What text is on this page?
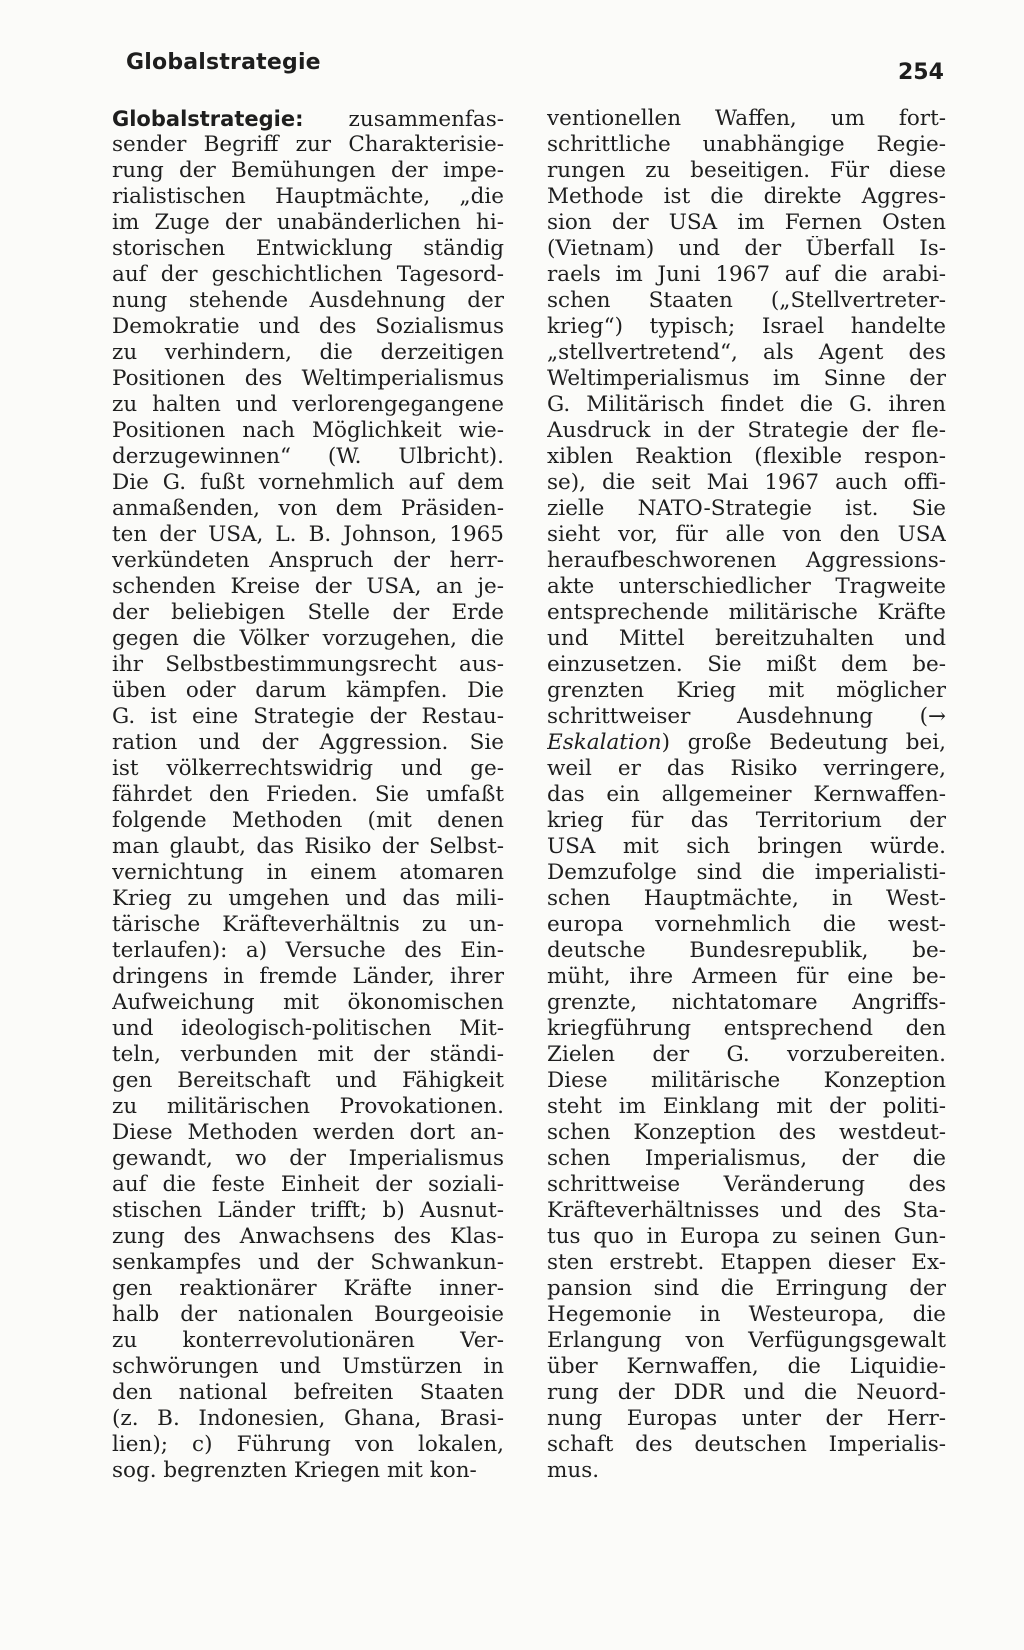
Globalstrategie	254
Globalstrategie: zusammenfas-
sender Begriff zur Charakterisie-
rung der Bemühungen der impe-
rialistischen Hauptmächte, „die
im Zuge der unabänderlichen hi-
storischen Entwicklung ständig
auf der geschichtlichen Tagesord-
nung stehende Ausdehnung der
Demokratie und des Sozialismus
zu verhindern, die derzeitigen
Positionen des Weltimperialismus
zu halten und verlorengegangene
Positionen nach Möglichkeit wie-
derzugewinnen“ (W. Ulbricht).
Die G. fußt vornehmlich auf dem
anmaßenden, von dem Präsiden-
ten der USA, L. B. Johnson, 1965
verkündeten Anspruch der herr-
schenden Kreise der USA, an je-
der beliebigen Stelle der Erde
gegen die Völker vorzugehen, die
ihr Selbstbestimmungsrecht aus-
üben oder darum kämpfen. Die
G. ist eine Strategie der Restau-
ration und der Aggression. Sie
ist völkerrechtswidrig und ge-
fährdet den Frieden. Sie umfaßt
folgende Methoden (mit denen
man glaubt, das Risiko der Selbst-
vernichtung in einem atomaren
Krieg zu umgehen und das mili-
tärische Kräfteverhältnis zu un-
terlaufen): a) Versuche des Ein-
dringens in fremde Länder, ihrer
Aufweichung mit ökonomischen
und ideologisch-politischen Mit-
teln, verbunden mit der ständi-
gen Bereitschaft und Fähigkeit
zu militärischen Provokationen.
Diese Methoden werden dort an-
gewandt, wo der Imperialismus
auf die feste Einheit der soziali-
stischen Länder trifft; b) Ausnut-
zung des Anwachsens des Klas-
senkampfes und der Schwankun-
gen reaktionärer Kräfte inner-
halb der nationalen Bourgeoisie
zu konterrevolutionären Ver-
schwörungen und Umstürzen in
den national befreiten Staaten
(z. B. Indonesien, Ghana, Brasi-
lien); c) Führung von lokalen,
sog. begrenzten Kriegen mit kon-
ventionellen Waffen, um fort-
schrittliche unabhängige Regie-
rungen zu beseitigen. Für diese
Methode ist die direkte Aggres-
sion der USA im Fernen Osten
(Vietnam) und der Überfall Is-
raels im Juni 1967 auf die arabi-
schen Staaten („Stellvertreter-
krieg“) typisch; Israel handelte
„stellvertretend“, als Agent des
Weltimperialismus im Sinne der
G. Militärisch findet die G. ihren
Ausdruck in der Strategie der fle-
xiblen Reaktion (flexible respon-
se), die seit Mai 1967 auch offi-
zielle NATO-Strategie ist. Sie
sieht vor, für alle von den USA
heraufbeschworenen Aggressions-
akte unterschiedlicher Tragweite
entsprechende militärische Kräfte
und Mittel bereitzuhalten und
einzusetzen. Sie mißt dem be-
grenzten Krieg mit möglicher
schrittweiser Ausdehnung (→
Eskalation) große Bedeutung bei,
weil er das Risiko verringere,
das ein allgemeiner Kernwaffen-
krieg für das Territorium der
USA mit sich bringen würde.
Demzufolge sind die imperialisti-
schen Hauptmächte, in West-
europa vornehmlich die west-
deutsche Bundesrepublik, be-
müht, ihre Armeen für eine be-
grenzte, nichtatomare Angriffs-
kriegführung entsprechend den
Zielen der G. vorzubereiten.
Diese militärische Konzeption
steht im Einklang mit der politi-
schen Konzeption des westdeut-
schen Imperialismus, der die
schrittweise Veränderung des
Kräfteverhältnisses und des Sta-
tus quo in Europa zu seinen Gun-
sten erstrebt. Etappen dieser Ex-
pansion sind die Erringung der
Hegemonie in Westeuropa, die
Erlangung von Verfügungsgewalt
über Kernwaffen, die Liquidie-
rung der DDR und die Neuord-
nung Europas unter der Herr-
schaft des deutschen Imperialis-
mus.
